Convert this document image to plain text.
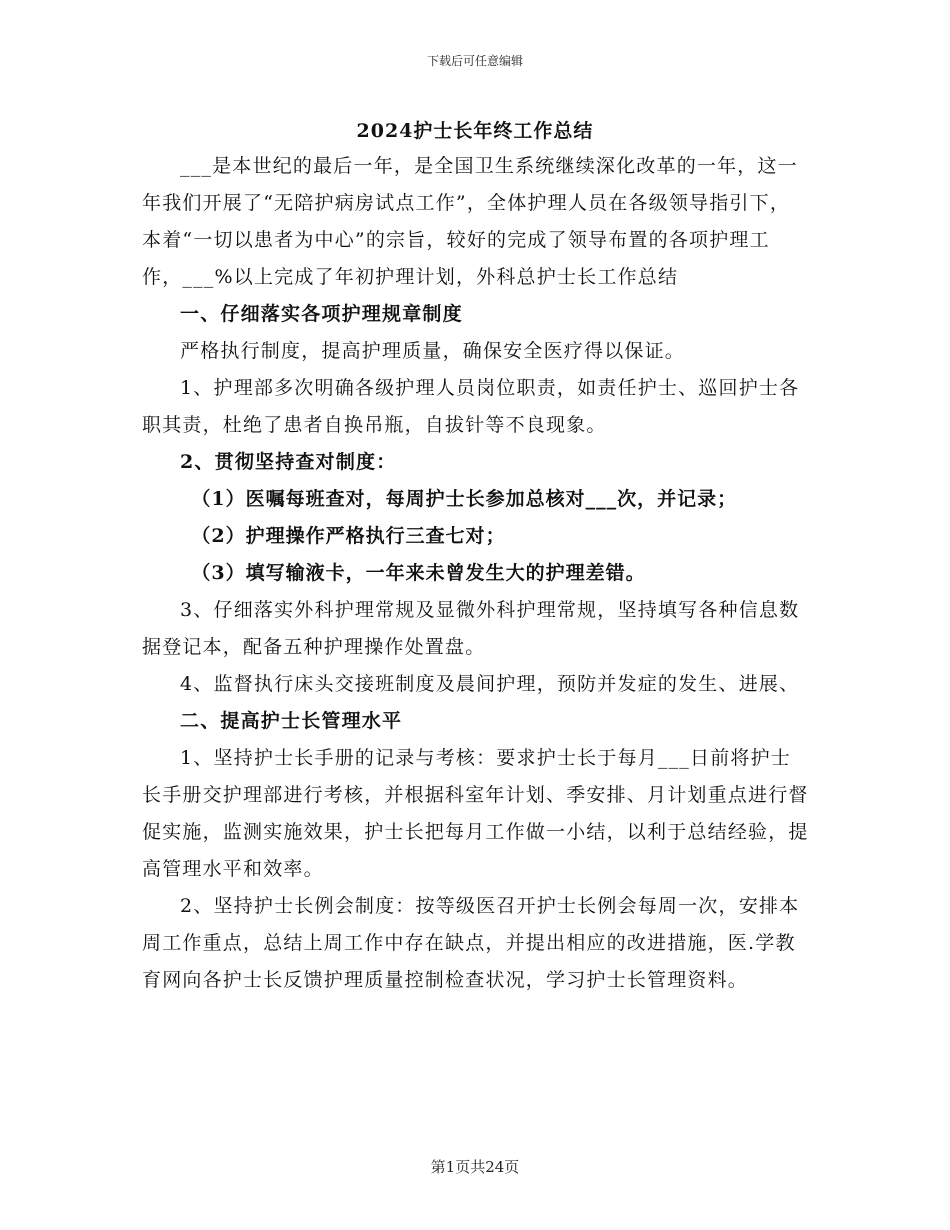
下载后可任意编辑
2024护士长年终工作总结

___是本世纪的最后一年，是全国卫生系统继续深化改革的一年，这一年我们开展了“无陪护病房试点工作”，全体护理人员在各级领导指引下，本着“一切以患者为中心”的宗旨，较好的完成了领导布置的各项护理工作，___%以上完成了年初护理计划，外科总护士长工作总结

一、仔细落实各项护理规章制度

严格执行制度，提高护理质量，确保安全医疗得以保证。

1、护理部多次明确各级护理人员岗位职责，如责任护士、巡回护士各职其责，杜绝了患者自换吊瓶，自拔针等不良现象。

2、贯彻坚持查对制度：

（1）医嘱每班查对，每周护士长参加总核对___次，并记录；

（2）护理操作严格执行三查七对；

（3）填写输液卡，一年来未曾发生大的护理差错。

3、仔细落实外科护理常规及显微外科护理常规，坚持填写各种信息数据登记本，配备五种护理操作处置盘。

4、监督执行床头交接班制度及晨间护理，预防并发症的发生、进展、

二、提高护士长管理水平

1、坚持护士长手册的记录与考核：要求护士长于每月___日前将护士长手册交护理部进行考核，并根据科室年计划、季安排、月计划重点进行督促实施，监测实施效果，护士长把每月工作做一小结，以利于总结经验，提高管理水平和效率。

2、坚持护士长例会制度：按等级医召开护士长例会每周一次，安排本周工作重点，总结上周工作中存在缺点，并提出相应的改进措施，医.学教育网向各护士长反馈护理质量控制检查状况，学习护士长管理资料。

第1页共24页
